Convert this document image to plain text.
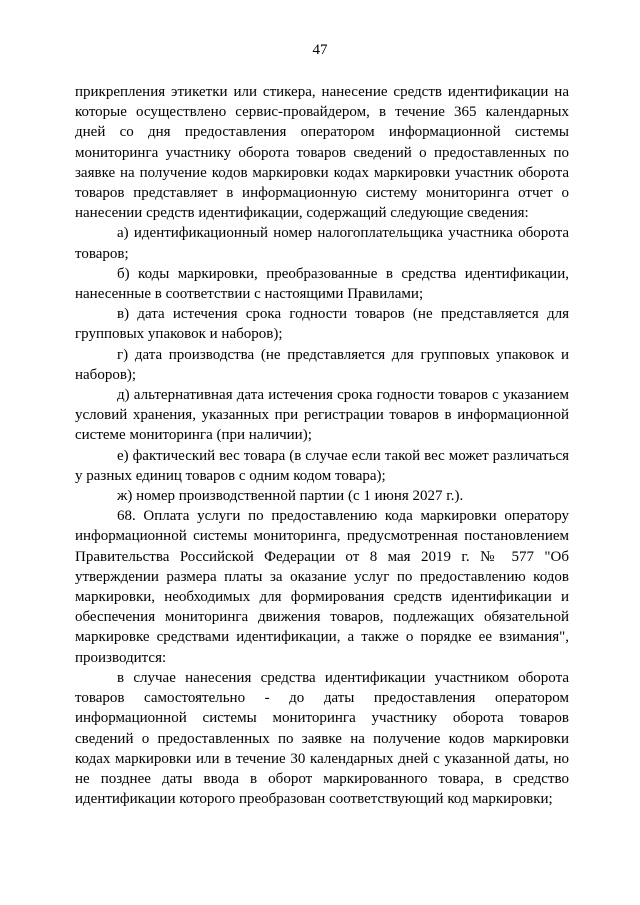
47

прикрепления этикетки или стикера, нанесение средств идентификации на которые осуществлено сервис-провайдером, в течение 365 календарных дней со дня предоставления оператором информационной системы мониторинга участнику оборота товаров сведений о предоставленных по заявке на получение кодов маркировки кодах маркировки участник оборота товаров представляет в информационную систему мониторинга отчет о нанесении средств идентификации, содержащий следующие сведения:

а) идентификационный номер налогоплательщика участника оборота товаров;

б) коды маркировки, преобразованные в средства идентификации, нанесенные в соответствии с настоящими Правилами;

в) дата истечения срока годности товаров (не представляется для групповых упаковок и наборов);

г) дата производства (не представляется для групповых упаковок и наборов);

д) альтернативная дата истечения срока годности товаров с указанием условий хранения, указанных при регистрации товаров в информационной системе мониторинга (при наличии);

е) фактический вес товара (в случае если такой вес может различаться у разных единиц товаров с одним кодом товара);

ж) номер производственной партии (с 1 июня 2027 г.).

68. Оплата услуги по предоставлению кода маркировки оператору информационной системы мониторинга, предусмотренная постановлением Правительства Российской Федерации от 8 мая 2019 г. № 577 "Об утверждении размера платы за оказание услуг по предоставлению кодов маркировки, необходимых для формирования средств идентификации и обеспечения мониторинга движения товаров, подлежащих обязательной маркировке средствами идентификации, а также о порядке ее взимания", производится:

в случае нанесения средства идентификации участником оборота товаров самостоятельно - до даты предоставления оператором информационной системы мониторинга участнику оборота товаров сведений о предоставленных по заявке на получение кодов маркировки кодах маркировки или в течение 30 календарных дней с указанной даты, но не позднее даты ввода в оборот маркированного товара, в средство идентификации которого преобразован соответствующий код маркировки;
